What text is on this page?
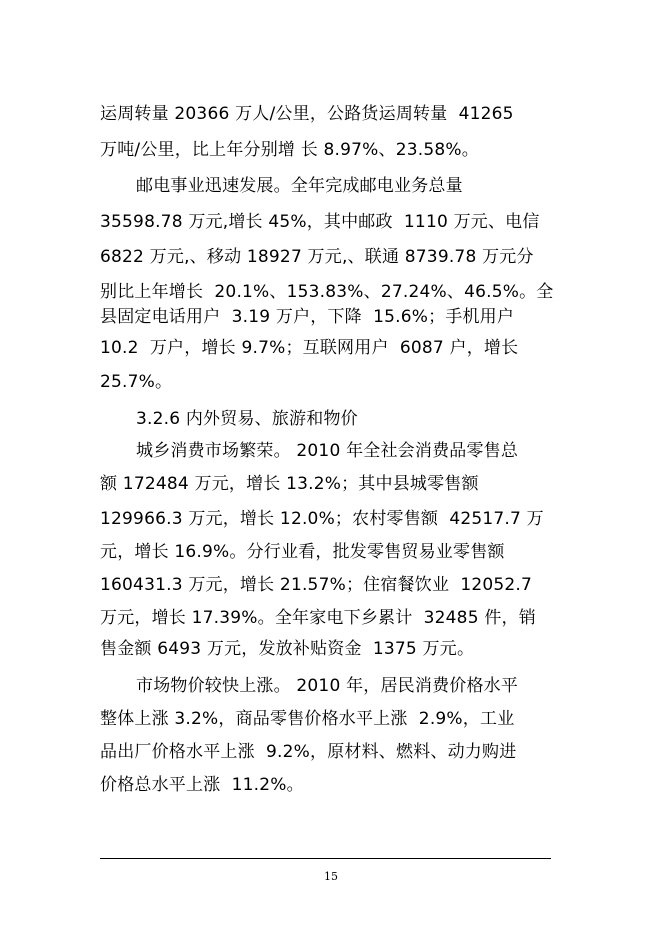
运周转量 20366 万人/公里，公路货运周转量  41265
万吨/公里，比上年分别增 长 8.97%、23.58%。
邮电事业迅速发展。全年完成邮电业务总量
35598.78 万元,增长 45%，其中邮政  1110 万元、电信
6822 万元,、移动 18927 万元,、联通 8739.78 万元分
别比上年增长  20.1%、153.83%、27.24%、46.5%。全
县固定电话用户  3.19 万户，下降  15.6%；手机用户
10.2  万户，增长 9.7%；互联网用户  6087 户，增长
25.7%。
3.2.6 内外贸易、旅游和物价
城乡消费市场繁荣。 2010 年全社会消费品零售总
额 172484 万元，增长 13.2%；其中县城零售额
129966.3 万元，增长 12.0%；农村零售额  42517.7 万
元，增长 16.9%。分行业看，批发零售贸易业零售额
160431.3 万元，增长 21.57%；住宿餐饮业  12052.7
万元，增长 17.39%。全年家电下乡累计  32485 件，销
售金额 6493 万元，发放补贴资金  1375 万元。
市场物价较快上涨。 2010 年，居民消费价格水平
整体上涨 3.2%，商品零售价格水平上涨  2.9%，工业
品出厂价格水平上涨  9.2%，原材料、燃料、动力购进
价格总水平上涨  11.2%。
15
